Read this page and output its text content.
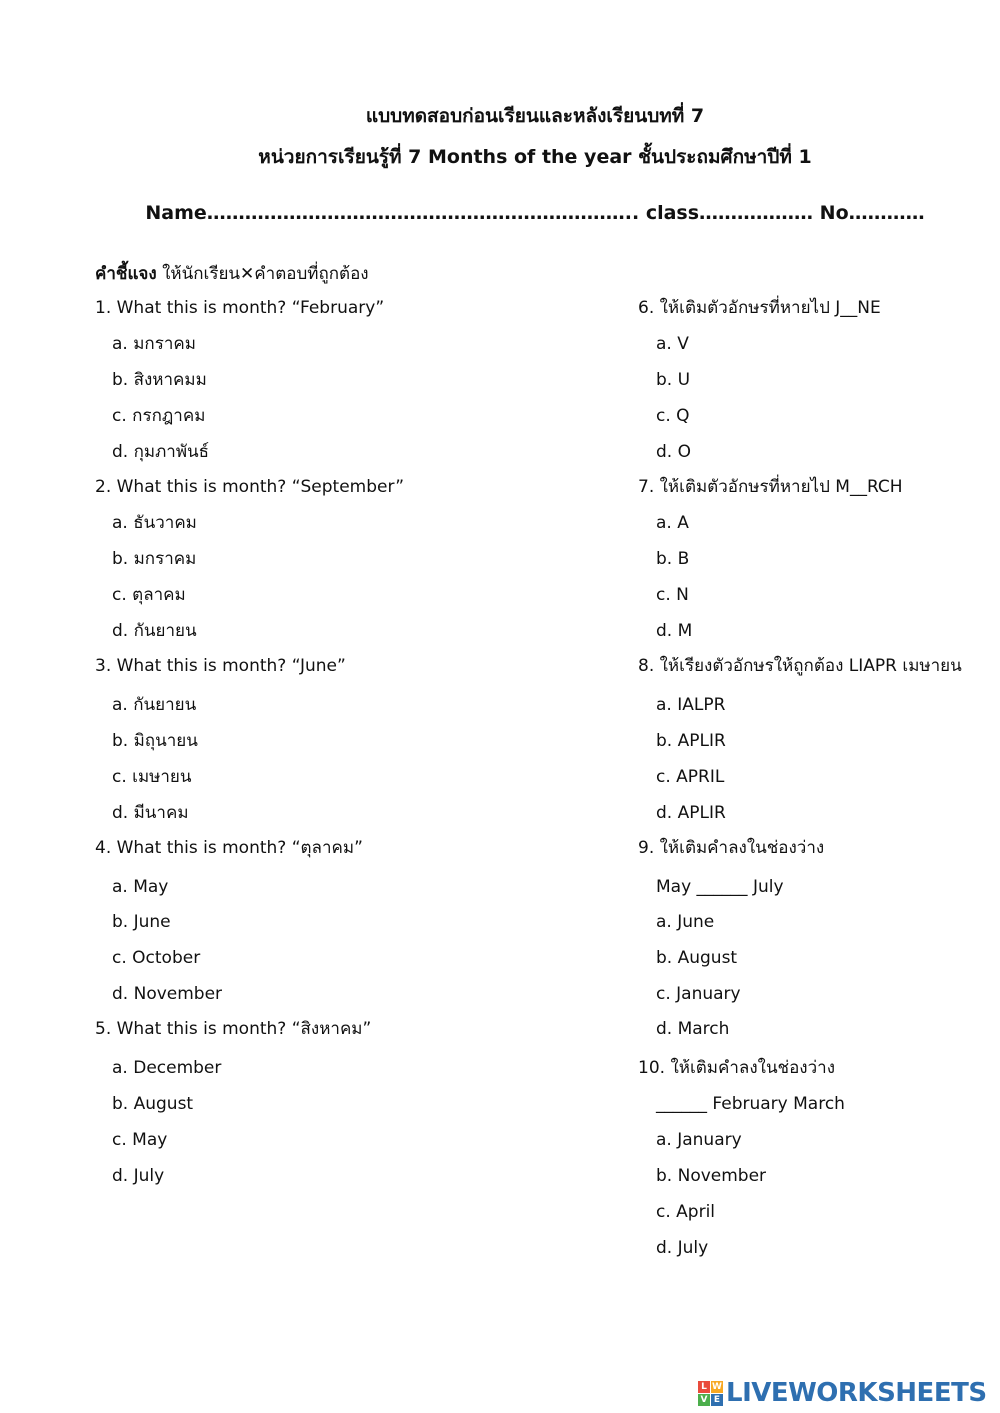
แบบทดสอบก่อนเรียนและหลังเรียนบทที่ 7
หน่วยการเรียนรู้ที่ 7 Months of the year ชั้นประถมศึกษาปีที่ 1
Name………………………………………………………….. class……………… No…………
คำชี้แจง ให้นักเรียน✕คำตอบที่ถูกต้อง
1. What this is month? “February”
a. มกราคม
b. สิงหาคมม
c. กรกฎาคม
d. กุมภาพันธ์
2. What this is month? “September”
a. ธันวาคม
b. มกราคม
c. ตุลาคม
d. กันยายน
3. What this is month? “June”
a. กันยายน
b. มิถุนายน
c. เมษายน
d. มีนาคม
4. What this is month? “ตุลาคม”
a. May
b. June
c. October
d. November
5. What this is month? “สิงหาคม”
a. December
b. August
c. May
d. July
6. ให้เติมตัวอักษรที่หายไป J__NE
a. V
b. U
c. Q
d. O
7. ให้เติมตัวอักษรที่หายไป M__RCH
a. A
b. B
c. N
d. M
8. ให้เรียงตัวอักษรให้ถูกต้อง LIAPR เมษายน
a. IALPR
b. APLIR
c. APRIL
d. APLIR
9. ให้เติมคำลงในช่องว่าง
May ______ July
a. June
b. August
c. January
d. March
10. ให้เติมคำลงในช่องว่าง
______ February March
a. January
b. November
c. April
d. July
L W
V E LIVEWORKSHEETS
